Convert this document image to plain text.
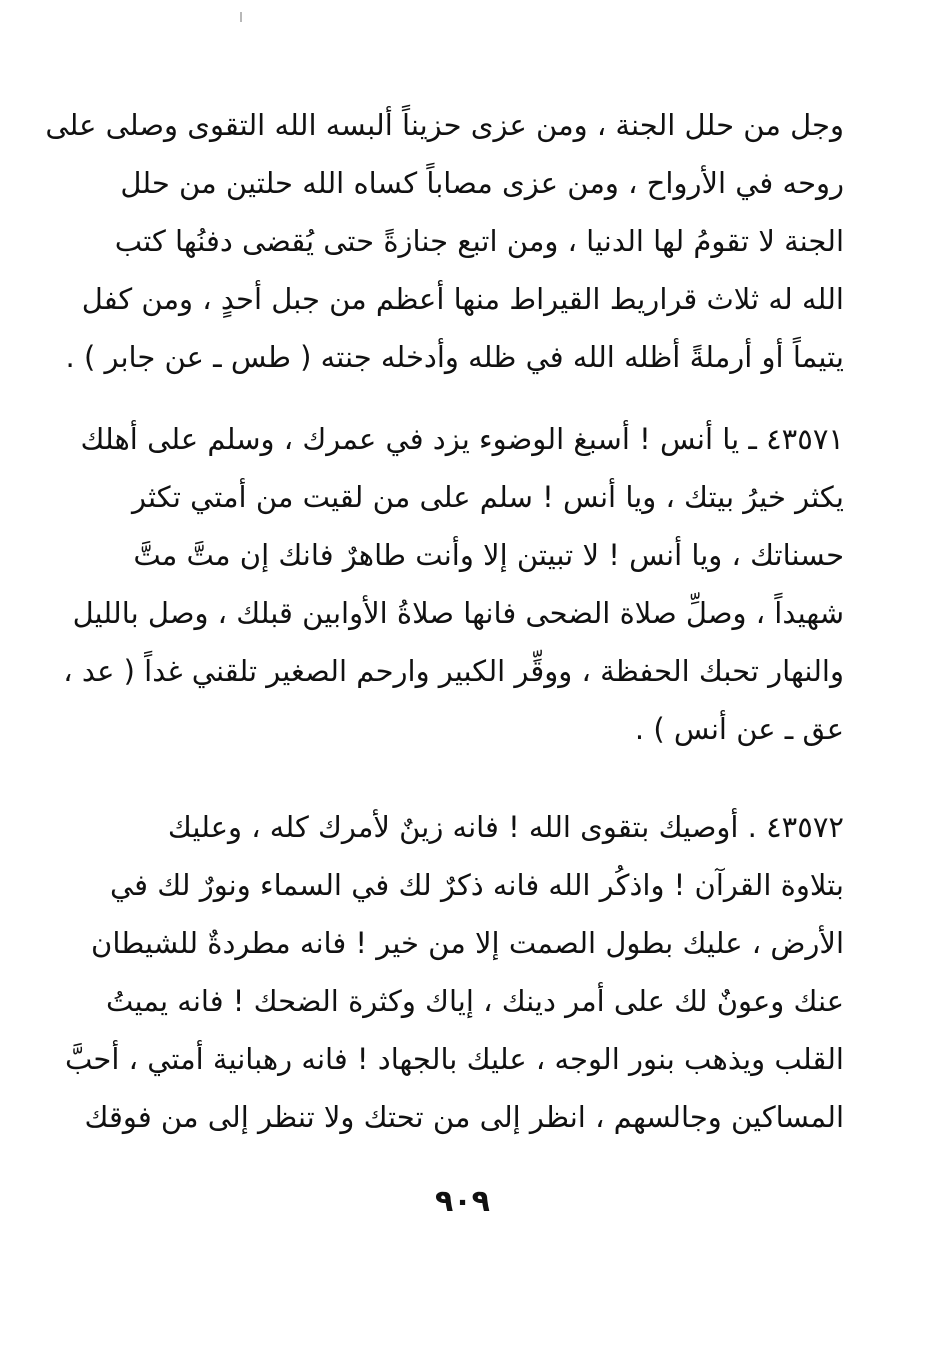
وجل من حلل الجنة ، ومن عزى حزيناً ألبسه الله التقوى وصلى على
روحه في الأرواح ، ومن عزى مصاباً كساه الله حلتين من حلل
الجنة لا تقومُ لها الدنيا ، ومن اتبع جنازةً حتى يُقضى دفنُها كتب
الله له ثلاث قراريط القيراط منها أعظم من جبل أحدٍ ، ومن كفل
يتيماً أو أرملةً أظله الله في ظله وأدخله جنته ( طس ـ عن جابر ) .

٤٣٥٧١ ـ يا أنس ! أسبغ الوضوء يزد في عمرك ، وسلم على أهلك
يكثر خيرُ بيتك ، ويا أنس ! سلم على من لقيت من أمتي تكثر
حسناتك ، ويا أنس ! لا تبيتن إلا وأنت طاهرٌ فانك إن متَّ متَّ
شهيداً ، وصلِّ صلاة الضحى فانها صلاةُ الأوابين قبلك ، وصل بالليل
والنهار تحبك الحفظة ، ووقِّر الكبير وارحم الصغير تلقني غداً ( عد ،
عق ـ عن أنس ) .

٤٣٥٧٢ . أوصيك بتقوى الله ! فانه زينٌ لأمرك كله ، وعليك
بتلاوة القرآن ! واذكُر الله فانه ذكرٌ لك في السماء ونورٌ لك في
الأرض ، عليك بطول الصمت إلا من خير ! فانه مطردةٌ للشيطان
عنك وعونٌ لك على أمر دينك ، إياك وكثرة الضحك ! فانه يميتُ
القلب ويذهب بنور الوجه ، عليك بالجهاد ! فانه رهبانية أمتي ، أحبَّ
المساكين وجالسهم ، انظر إلى من تحتك ولا تنظر إلى من فوقك

٩٠٩
